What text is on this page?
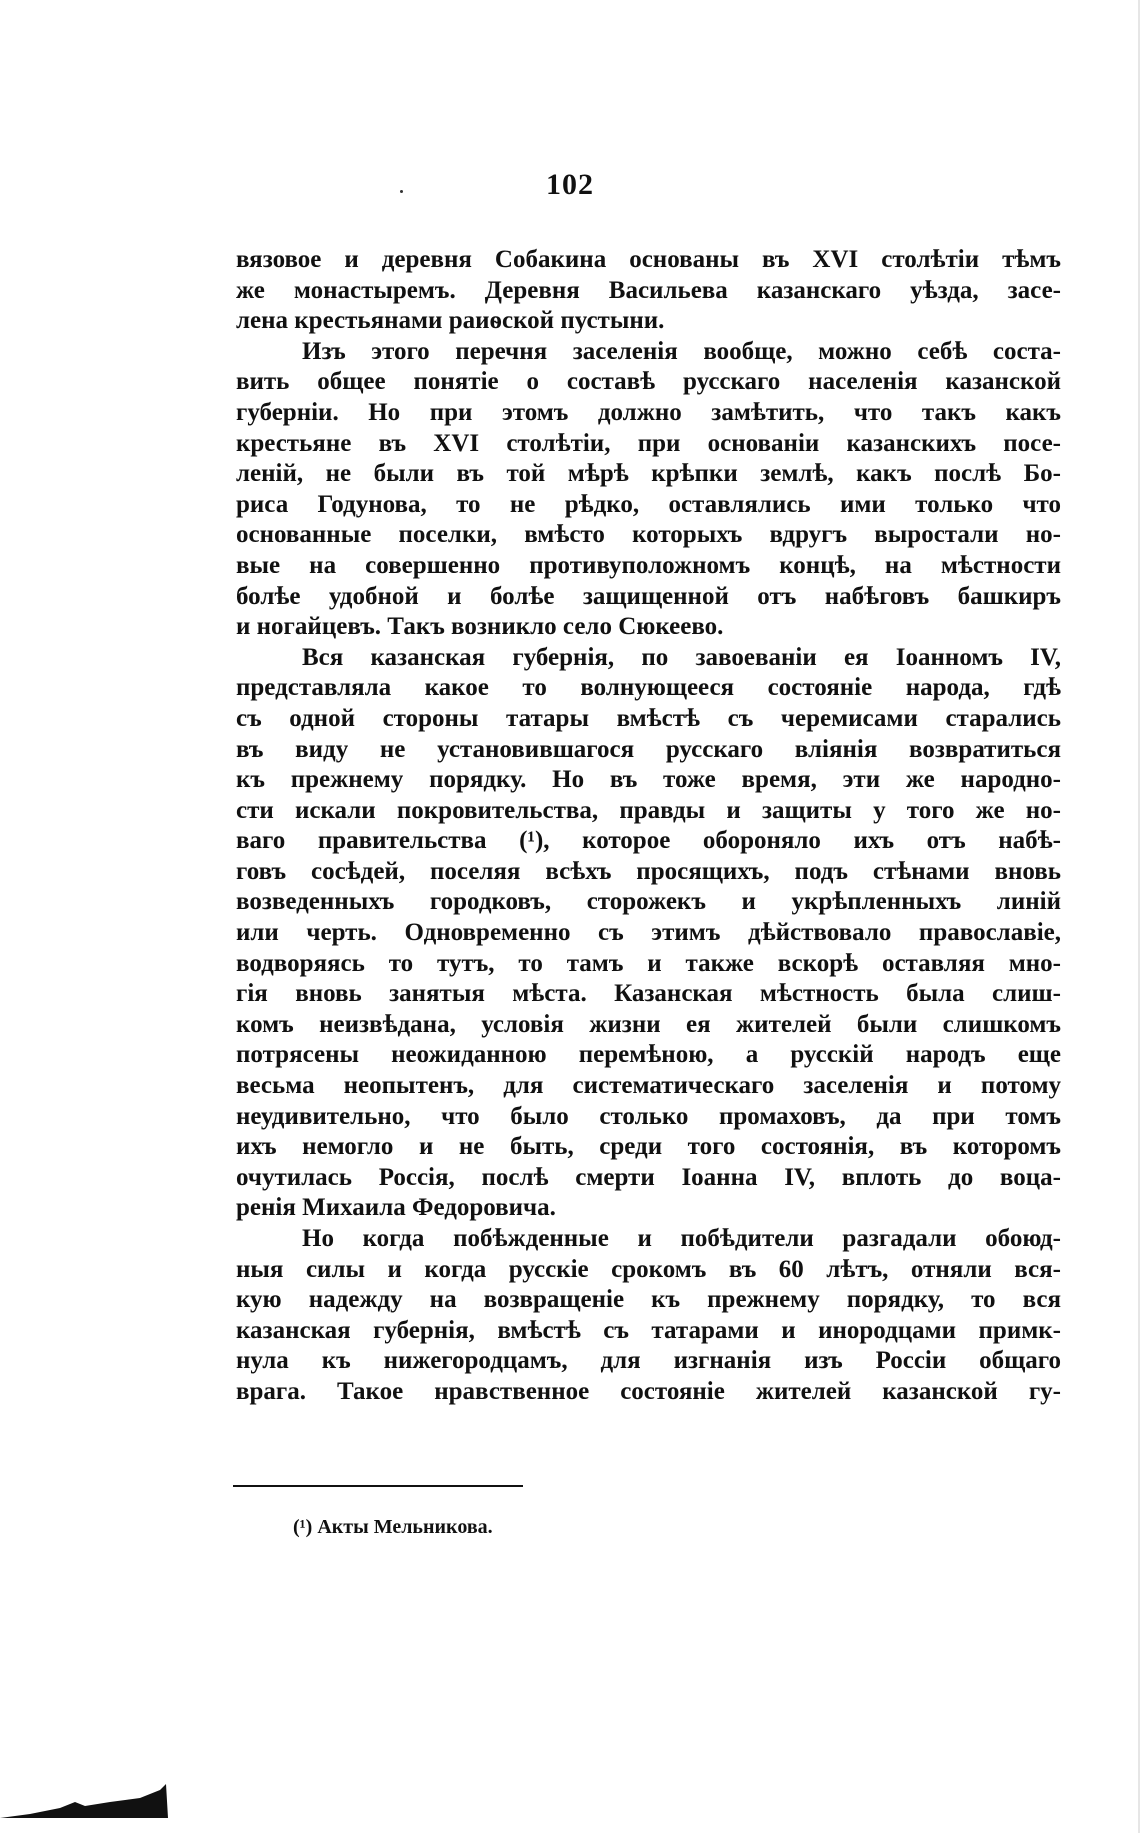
102
вязовое и деревня Собакина основаны въ XVI столѣтіи тѣмъ
же монастыремъ. Деревня Васильева казанскаго уѣзда, засе-
лена крестьянами раиѳской пустыни.
Изъ этого перечня заселенія вообще, можно себѣ соста-
вить общее понятіе о составѣ русскаго населенія казанской
губерніи. Но при этомъ должно замѣтить, что такъ какъ
крестьяне въ XVI столѣтіи, при основаніи казанскихъ посе-
леній, не были въ той мѣрѣ крѣпки землѣ, какъ послѣ Бо-
риса Годунова, то не рѣдко, оставлялись ими только что
основанные поселки, вмѣсто которыхъ вдругъ выростали но-
вые на совершенно противуположномъ концѣ, на мѣстности
болѣе удобной и болѣе защищенной отъ набѣговъ башкиръ
и ногайцевъ. Такъ возникло село Сюкеево.
Вся казанская губернія, по завоеваніи ея Іоанномъ IV,
представляла какое то волнующееся состояніе народа, гдѣ
съ одной стороны татары вмѣстѣ съ черемисами старались
въ виду не установившагося русскаго вліянія возвратиться
къ прежнему порядку. Но въ тоже время, эти же народно-
сти искали покровительства, правды и защиты у того же но-
ваго правительства (¹), которое обороняло ихъ отъ набѣ-
говъ сосѣдей, поселяя всѣхъ просящихъ, подъ стѣнами вновь
возведенныхъ городковъ, сторожекъ и укрѣпленныхъ линій
или черть. Одновременно съ этимъ дѣйствовало православіе,
водворяясь то тутъ, то тамъ и также вскорѣ оставляя мно-
гія вновь занятыя мѣста. Казанская мѣстность была слиш-
комъ неизвѣдана, условія жизни ея жителей были слишкомъ
потрясены неожиданною перемѣною, а русскій народъ еще
весьма неопытенъ, для систематическаго заселенія и потому
неудивительно, что было столько промаховъ, да при томъ
ихъ немогло и не быть, среди того состоянія, въ которомъ
очутилась Россія, послѣ смерти Іоанна IV, вплоть до воца-
ренія Михаила Федоровича.
Но когда побѣжденные и побѣдители разгадали обоюд-
ныя силы и когда русскіе срокомъ въ 60 лѣтъ, отняли вся-
кую надежду на возвращеніе къ прежнему порядку, то вся
казанская губернія, вмѣстѣ съ татарами и инородцами примк-
нула къ нижегородцамъ, для изгнанія изъ Россіи общаго
врага. Такое нравственное состояніе жителей казанской гу-
(¹) Акты Мельникова.
